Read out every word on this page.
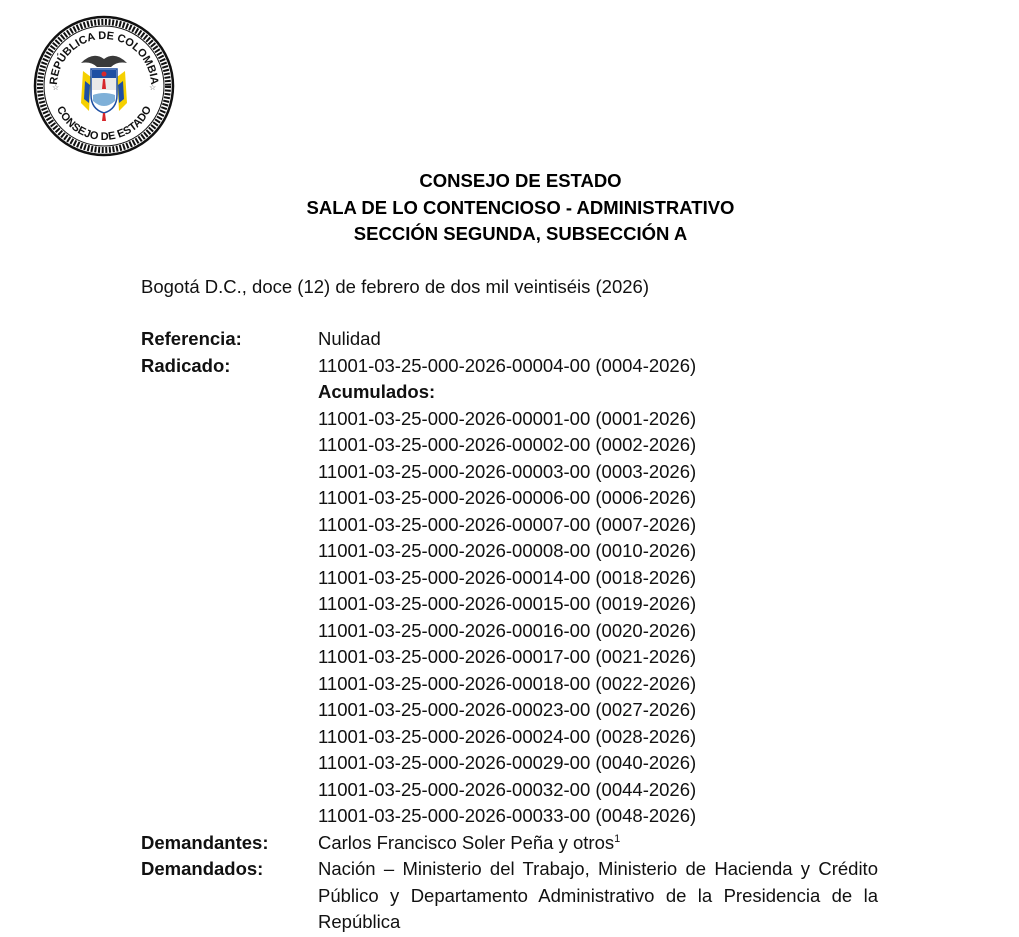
REPÚBLICA DE COLOMBIA
CONSEJO DE ESTADO
☆	☆
CONSEJO DE ESTADO
SALA DE LO CONTENCIOSO - ADMINISTRATIVO
SECCIÓN SEGUNDA, SUBSECCIÓN A
Bogotá D.C., doce (12) de febrero de dos mil veintiséis (2026)
Referencia:	Nulidad
Radicado:	11001-03-25-000-2026-00004-00 (0004-2026)
Acumulados:
11001-03-25-000-2026-00001-00 (0001-2026)
11001-03-25-000-2026-00002-00 (0002-2026)
11001-03-25-000-2026-00003-00 (0003-2026)
11001-03-25-000-2026-00006-00 (0006-2026)
11001-03-25-000-2026-00007-00 (0007-2026)
11001-03-25-000-2026-00008-00 (0010-2026)
11001-03-25-000-2026-00014-00 (0018-2026)
11001-03-25-000-2026-00015-00 (0019-2026)
11001-03-25-000-2026-00016-00 (0020-2026)
11001-03-25-000-2026-00017-00 (0021-2026)
11001-03-25-000-2026-00018-00 (0022-2026)
11001-03-25-000-2026-00023-00 (0027-2026)
11001-03-25-000-2026-00024-00 (0028-2026)
11001-03-25-000-2026-00029-00 (0040-2026)
11001-03-25-000-2026-00032-00 (0044-2026)
11001-03-25-000-2026-00033-00 (0048-2026)
Demandantes:	Carlos Francisco Soler Peña y otros$^1$
Demandados:	Nación – Ministerio del Trabajo, Ministerio de Hacienda y Crédito Público y Departamento Administrativo de la Presidencia de la República
